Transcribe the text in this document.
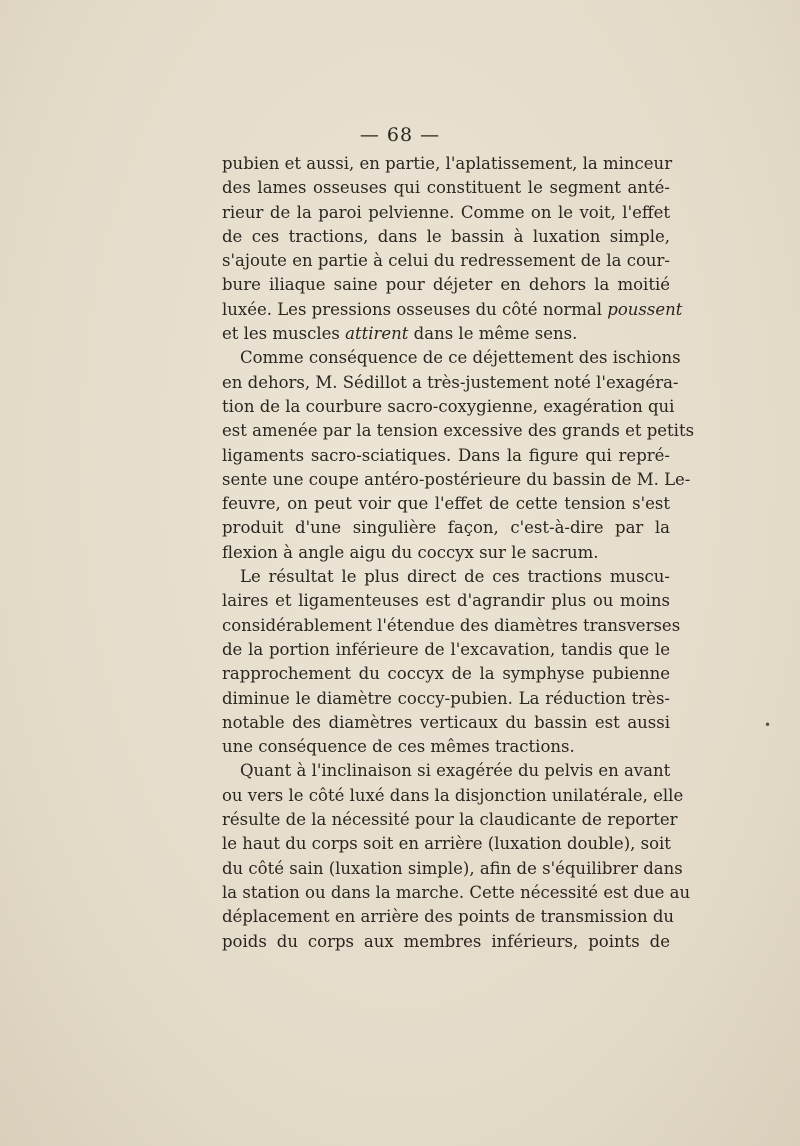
— 68 —
pubien et aussi, en partie, l'aplatissement, la minceur
des lames osseuses qui constituent le segment anté-
rieur de la paroi pelvienne. Comme on le voit, l'effet
de ces tractions, dans le bassin à luxation simple,
s'ajoute en partie à celui du redressement de la cour-
bure iliaque saine pour déjeter en dehors la moitié
luxée. Les pressions osseuses du côté normal poussent
et les muscles attirent dans le même sens.
Comme conséquence de ce déjettement des ischions
en dehors, M. Sédillot a très-justement noté l'exagéra-
tion de la courbure sacro-coxygienne, exagération qui
est amenée par la tension excessive des grands et petits
ligaments sacro-sciatiques. Dans la figure qui repré-
sente une coupe antéro-postérieure du bassin de M. Le-
feuvre, on peut voir que l'effet de cette tension s'est
produit d'une singulière façon, c'est-à-dire par la
flexion à angle aigu du coccyx sur le sacrum.
Le résultat le plus direct de ces tractions muscu-
laires et ligamenteuses est d'agrandir plus ou moins
considérablement l'étendue des diamètres transverses
de la portion inférieure de l'excavation, tandis que le
rapprochement du coccyx de la symphyse pubienne
diminue le diamètre coccy-pubien. La réduction très-
notable des diamètres verticaux du bassin est aussi
une conséquence de ces mêmes tractions.
Quant à l'inclinaison si exagérée du pelvis en avant
ou vers le côté luxé dans la disjonction unilatérale, elle
résulte de la nécessité pour la claudicante de reporter
le haut du corps soit en arrière (luxation double), soit
du côté sain (luxation simple), afin de s'équilibrer dans
la station ou dans la marche. Cette nécessité est due au
déplacement en arrière des points de transmission du
poids du corps aux membres inférieurs, points de
•
